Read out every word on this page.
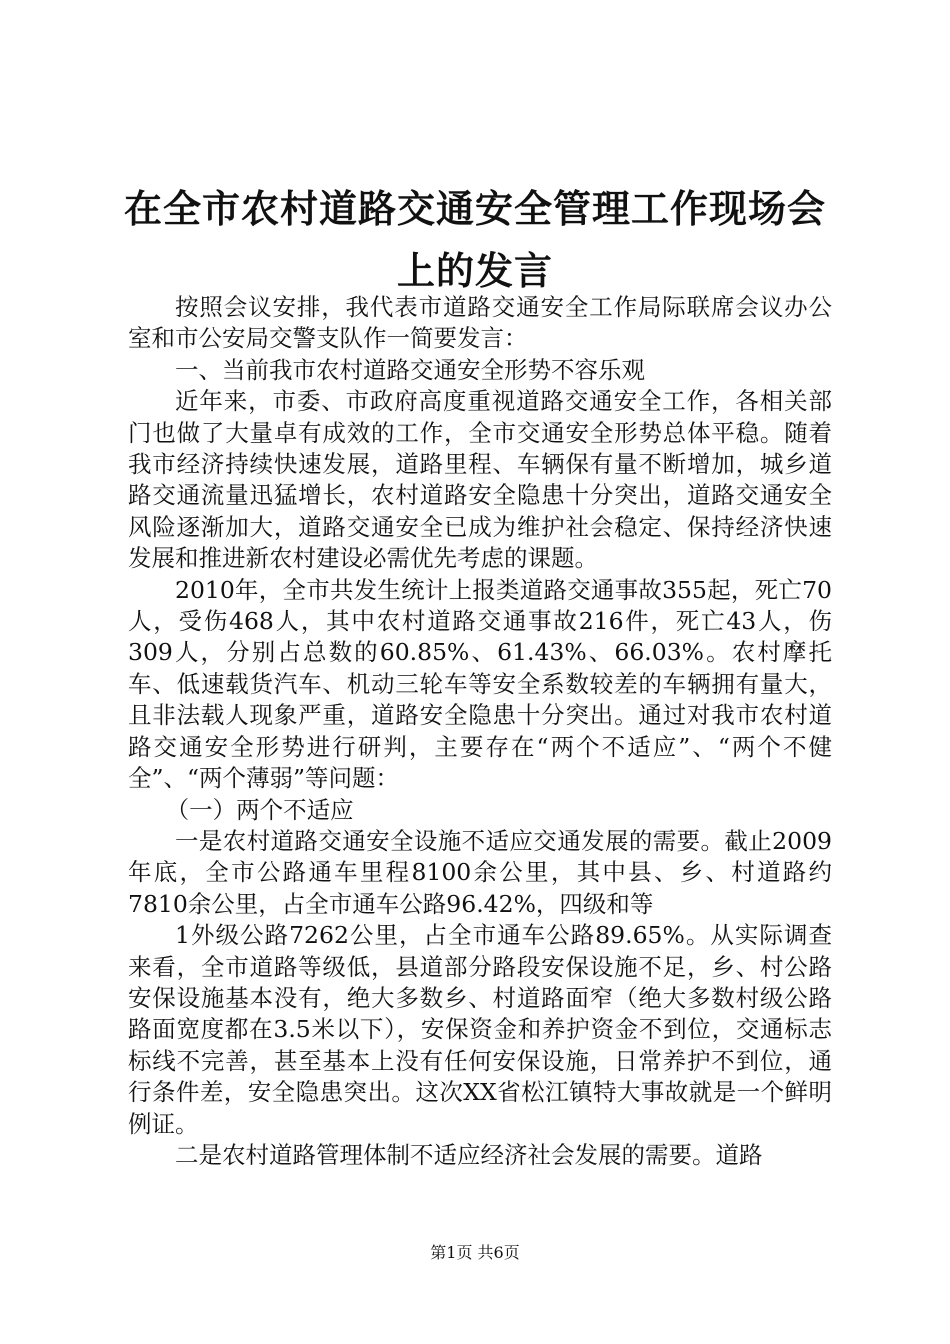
在全市农村道路交通安全管理工作现场会上的发言

按照会议安排，我代表市道路交通安全工作局际联席会议办公室和市公安局交警支队作一简要发言：

一、当前我市农村道路交通安全形势不容乐观

近年来，市委、市政府高度重视道路交通安全工作，各相关部门也做了大量卓有成效的工作，全市交通安全形势总体平稳。随着我市经济持续快速发展，道路里程、车辆保有量不断增加，城乡道路交通流量迅猛增长，农村道路安全隐患十分突出，道路交通安全风险逐渐加大，道路交通安全已成为维护社会稳定、保持经济快速发展和推进新农村建设必需优先考虑的课题。

2010年，全市共发生统计上报类道路交通事故355起，死亡70人，受伤468人，其中农村道路交通事故216件，死亡43人，伤309人，分别占总数的60.85%、61.43%、66.03%。农村摩托车、低速载货汽车、机动三轮车等安全系数较差的车辆拥有量大，且非法载人现象严重，道路安全隐患十分突出。通过对我市农村道路交通安全形势进行研判，主要存在“两个不适应”、“两个不健全”、“两个薄弱”等问题：

（一）两个不适应

一是农村道路交通安全设施不适应交通发展的需要。截止2009年底，全市公路通车里程8100余公里，其中县、乡、村道路约7810余公里，占全市通车公路96.42%，四级和等

1外级公路7262公里，占全市通车公路89.65%。从实际调查来看，全市道路等级低，县道部分路段安保设施不足，乡、村公路安保设施基本没有，绝大多数乡、村道路面窄（绝大多数村级公路路面宽度都在3.5米以下），安保资金和养护资金不到位，交通标志标线不完善，甚至基本上没有任何安保设施，日常养护不到位，通行条件差，安全隐患突出。这次XX省松江镇特大事故就是一个鲜明例证。

二是农村道路管理体制不适应经济社会发展的需要。道路

第1页 共6页
